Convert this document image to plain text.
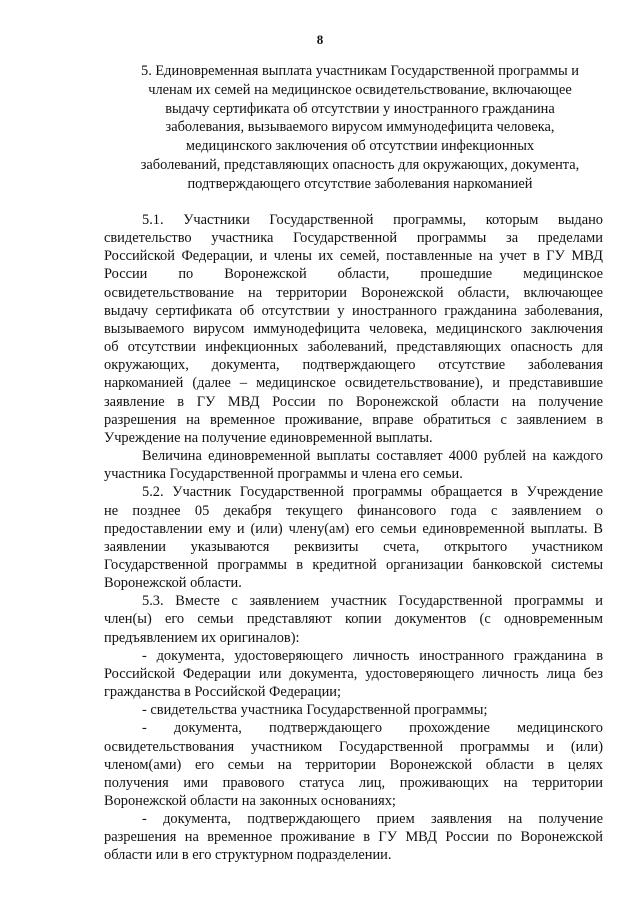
8
5. Единовременная выплата участникам Государственной программы и
членам их семей на медицинское освидетельствование, включающее
выдачу сертификата об отсутствии у иностранного гражданина
заболевания, вызываемого вирусом иммунодефицита человека,
медицинского заключения об отсутствии инфекционных
заболеваний, представляющих опасность для окружающих, документа,
подтверждающего отсутствие заболевания наркоманией
5.1. Участники Государственной программы, которым выдано
свидетельство участника Государственной программы за пределами
Российской Федерации, и члены их семей, поставленные на учет в ГУ МВД
России по Воронежской области, прошедшие медицинское
освидетельствование на территории Воронежской области, включающее
выдачу сертификата об отсутствии у иностранного гражданина заболевания,
вызываемого вирусом иммунодефицита человека, медицинского заключения
об отсутствии инфекционных заболеваний, представляющих опасность для
окружающих, документа, подтверждающего отсутствие заболевания
наркоманией (далее – медицинское освидетельствование), и представившие
заявление в ГУ МВД России по Воронежской области на получение
разрешения на временное проживание, вправе обратиться с заявлением в
Учреждение на получение единовременной выплаты.
Величина единовременной выплаты составляет 4000 рублей на каждого
участника Государственной программы и члена его семьи.
5.2. Участник Государственной программы обращается в Учреждение
не позднее 05 декабря текущего финансового года с заявлением о
предоставлении ему и (или) члену(ам) его семьи единовременной выплаты. В
заявлении указываются реквизиты счета, открытого участником
Государственной программы в кредитной организации банковской системы
Воронежской области.
5.3. Вместе с заявлением участник Государственной программы и
член(ы) его семьи представляют копии документов (с одновременным
предъявлением их оригиналов):
- документа, удостоверяющего личность иностранного гражданина в
Российской Федерации или документа, удостоверяющего личность лица без
гражданства в Российской Федерации;
- свидетельства участника Государственной программы;
- документа, подтверждающего прохождение медицинского
освидетельствования участником Государственной программы и (или)
членом(ами) его семьи на территории Воронежской области в целях
получения ими правового статуса лиц, проживающих на территории
Воронежской области на законных основаниях;
- документа, подтверждающего прием заявления на получение
разрешения на временное проживание в ГУ МВД России по Воронежской
области или в его структурном подразделении.
